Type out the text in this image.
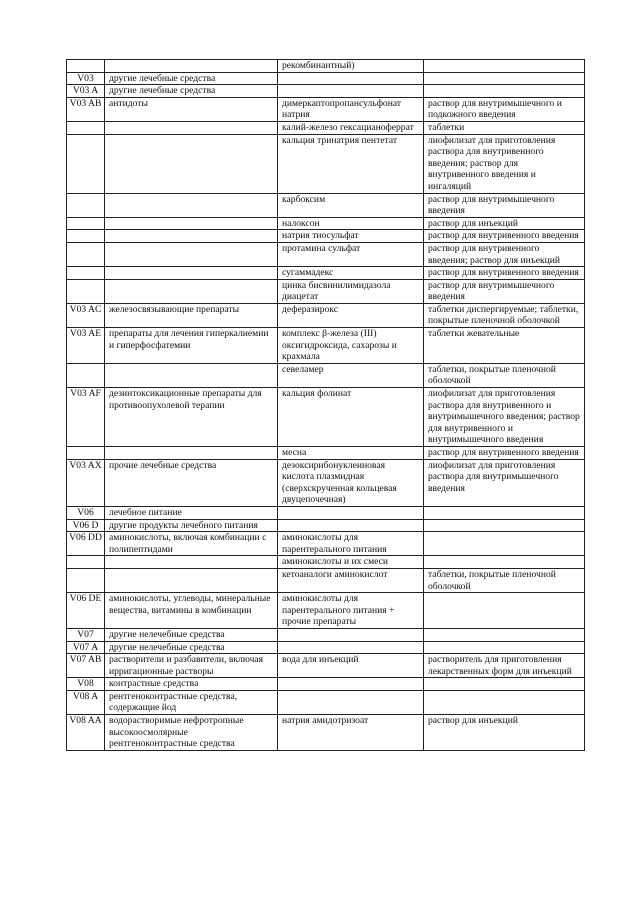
		рекомбинантный)	
V03	другие лечебные средства		
V03 A	другие лечебные средства		
V03 AB	антидоты	димеркаптопропансульфонат натрия	раствор для внутримышечного и подкожного введения
		калий-железо гексацианоферрат	таблетки
		кальция тринатрия пентетат	лиофилизат для приготовления раствора для внутривенного введения; раствор для внутривенного введения и ингаляций
		карбоксим	раствор для внутримышечного введения
		налоксон	раствор для инъекций
		натрия тиосульфат	раствор для внутривенного введения
		протамина сульфат	раствор для внутривенного введения; раствор для инъекций
		сугаммадекс	раствор для внутривенного введения
		цинка бисвинилимидазола диацетат	раствор для внутримышечного введения
V03 AC	железосвязывающие препараты	деферазирокс	таблетки диспергируемые; таблетки, покрытые пленочной оболочкой
V03 AE	препараты для лечения гиперкалиемии и гиперфосфатемии	комплекс β-железа (III) оксигидроксида, сахарозы и крахмала	таблетки жевательные
		севеламер	таблетки, покрытые пленочной оболочкой
V03 AF	дезинтоксикационные препараты для противоопухолевой терапии	кальция фолинат	лиофилизат для приготовления раствора для внутривенного и внутримышечного введения; раствор для внутривенного и внутримышечного введения
		месна	раствор для внутривенного введения
V03 AX	прочие лечебные средства	дезоксирибонуклеиновая кислота плазмидная (сверхскрученная кольцевая двуцепочечная)	лиофилизат для приготовления раствора для внутримышечного введения
V06	лечебное питание		
V06 D	другие продукты лечебного питания		
V06 DD	аминокислоты, включая комбинации с полипептидами	аминокислоты для парентерального питания	
		аминокислоты и их смеси	
		кетоаналоги аминокислот	таблетки, покрытые пленочной оболочкой
V06 DE	аминокислоты, углеводы, минеральные вещества, витамины в комбинации	аминокислоты для парентерального питания + прочие препараты	
V07	другие нелечебные средства		
V07 A	другие нелечебные средства		
V07 AB	растворители и разбавители, включая ирригационные растворы	вода для инъекций	растворитель для приготовления лекарственных форм для инъекций
V08	контрастные средства		
V08 A	рентгеноконтрастные средства, содержащие йод		
V08 AA	водорастворимые нефротропные высокоосмолярные рентгеноконтрастные средства	натрия амидотризоат	раствор для инъекций
